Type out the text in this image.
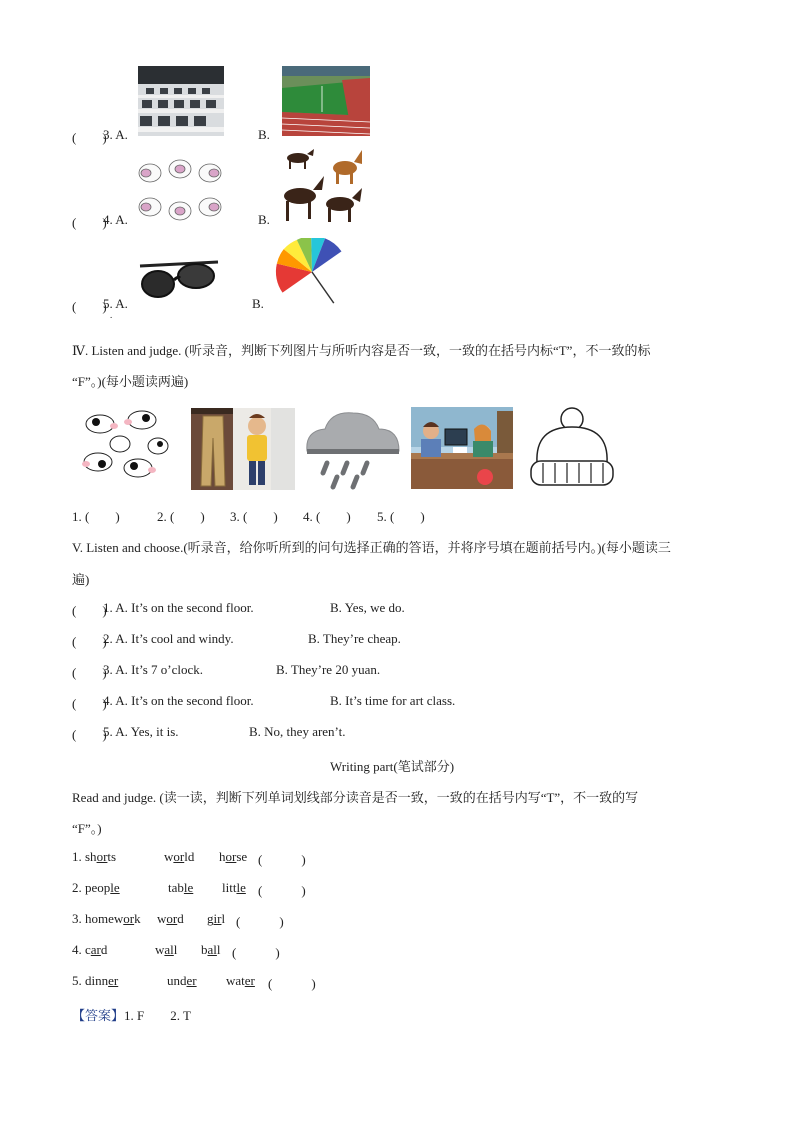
(　　)
3. A.	B.
(　　)
4. A.	B.
(　　)
5. A.	B.
.
Ⅳ. Listen and judge. (听录音，判断下列图片与所听内容是否一致，一致的在括号内标“T”，不一致的标
“F”。)(每小题读两遍)
1. (　　)	2. (　　) 3. (　　) 4. (　　) 5. (　　)
V. Listen and choose.(听录音，给你听所到的问句选择正确的答语，并将序号填在题前括号内。)(每小题读三
遍)
(　　)
1. A. It’s on the second floor.	B. Yes, we do.
(　　)
2. A. It’s cool and windy.	B. They’re cheap.
(　　)
3. A. It’s 7 o’clock.	B. They’re 20 yuan.
(　　)
4. A. It’s on the second floor.	B. It’s time for art class.
(　　)
5. A. Yes, it is.	B. No, they aren’t.
Writing part(笔试部分)
Read and judge. (读一读，判断下列单词划线部分读音是否一致，一致的在括号内写“T”，不一致的写
“F”。)
1. shorts	world horse (　　　)
2. people	table little (　　　)
3. homework word girl (　　　)
4. card	wall ball (　　　)
5. dinner	under water (　　　)
【答案】1. F　　2. T
